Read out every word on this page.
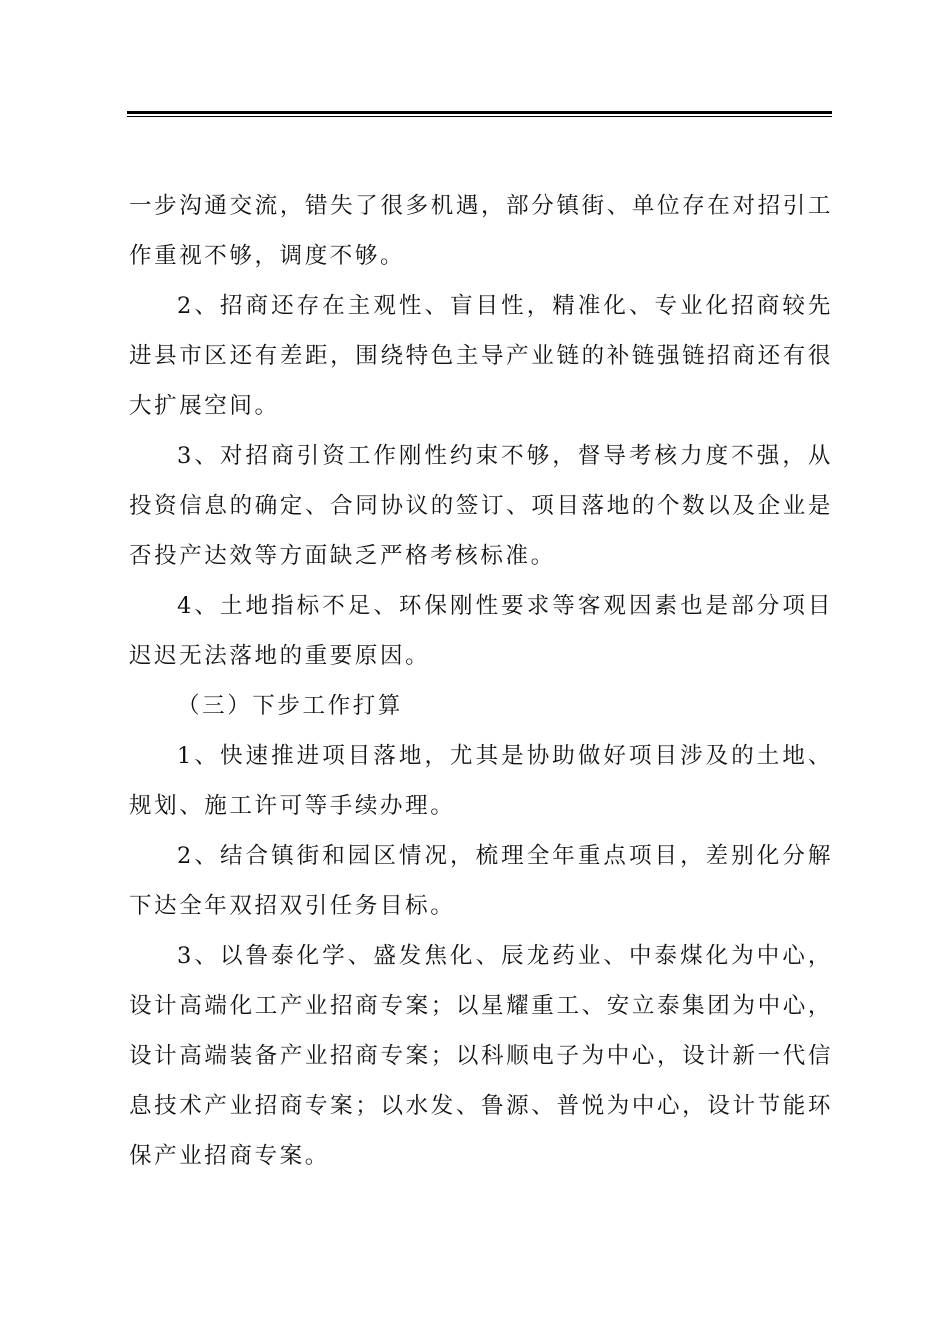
一步沟通交流，错失了很多机遇，部分镇街、单位存在对招引工作重视不够，调度不够。

2、招商还存在主观性、盲目性，精准化、专业化招商较先进县市区还有差距，围绕特色主导产业链的补链强链招商还有很大扩展空间。

3、对招商引资工作刚性约束不够，督导考核力度不强，从投资信息的确定、合同协议的签订、项目落地的个数以及企业是否投产达效等方面缺乏严格考核标准。

4、土地指标不足、环保刚性要求等客观因素也是部分项目迟迟无法落地的重要原因。

（三）下步工作打算

1、快速推进项目落地，尤其是协助做好项目涉及的土地、规划、施工许可等手续办理。

2、结合镇街和园区情况，梳理全年重点项目，差别化分解下达全年双招双引任务目标。

3、以鲁泰化学、盛发焦化、辰龙药业、中泰煤化为中心，设计高端化工产业招商专案；以星耀重工、安立泰集团为中心，设计高端装备产业招商专案；以科顺电子为中心，设计新一代信息技术产业招商专案；以水发、鲁源、普悦为中心，设计节能环保产业招商专案。
